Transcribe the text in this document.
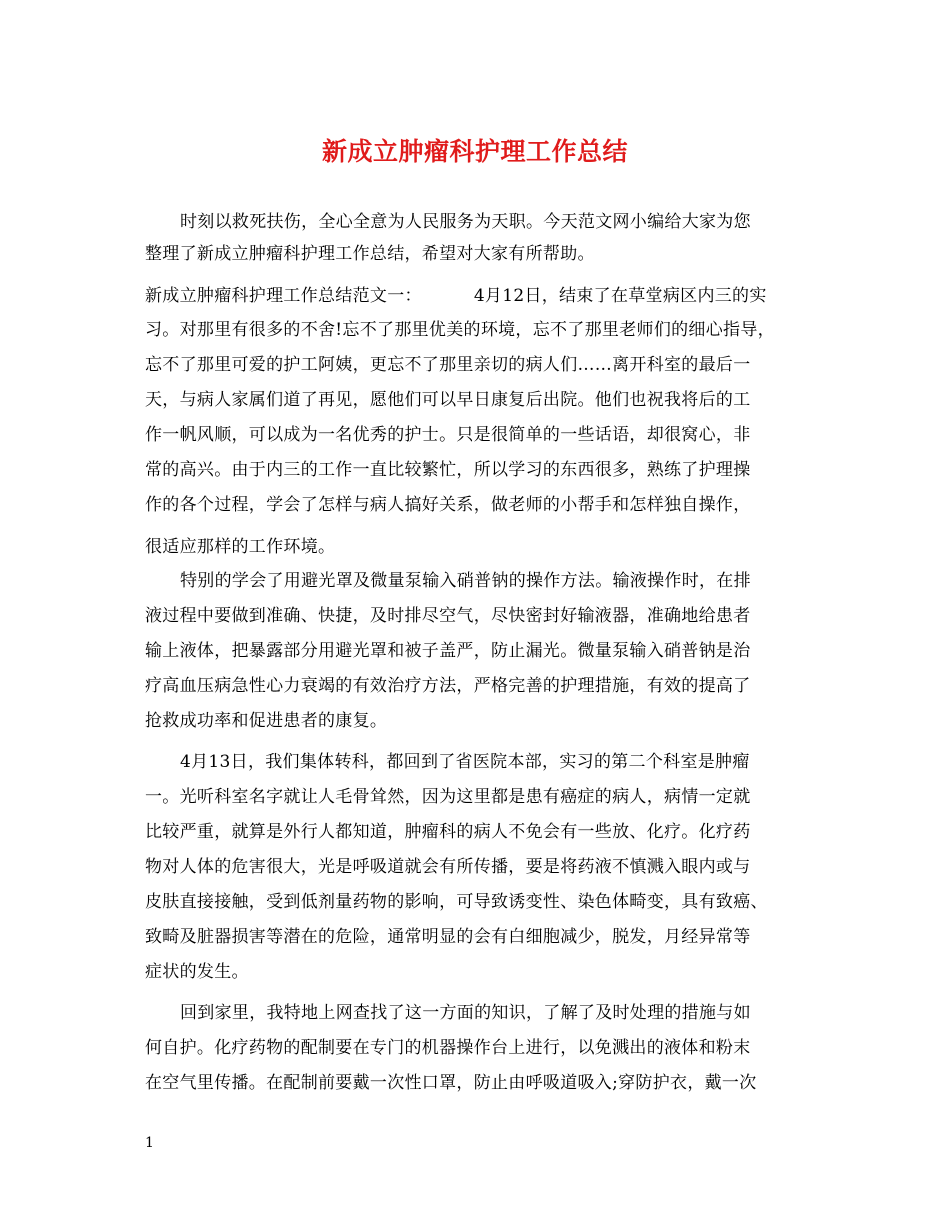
新成立肿瘤科护理工作总结

时刻以救死扶伤，全心全意为人民服务为天职。今天范文网小编给大家为您

整理了新成立肿瘤科护理工作总结，希望对大家有所帮助。

新成立肿瘤科护理工作总结范文一：	4月12日，结束了在草堂病区内三的实

习。对那里有很多的不舍!忘不了那里优美的环境，忘不了那里老师们的细心指导，

忘不了那里可爱的护工阿姨，更忘不了那里亲切的病人们……离开科室的最后一

天，与病人家属们道了再见，愿他们可以早日康复后出院。他们也祝我将后的工

作一帆风顺，可以成为一名优秀的护士。只是很简单的一些话语，却很窝心，非

常的高兴。由于内三的工作一直比较繁忙，所以学习的东西很多，熟练了护理操

作的各个过程，学会了怎样与病人搞好关系，做老师的小帮手和怎样独自操作，

很适应那样的工作环境。

特别的学会了用避光罩及微量泵输入硝普钠的操作方法。输液操作时，在排

液过程中要做到准确、快捷，及时排尽空气，尽快密封好输液器，准确地给患者

输上液体，把暴露部分用避光罩和被子盖严，防止漏光。微量泵输入硝普钠是治

疗高血压病急性心力衰竭的有效治疗方法，严格完善的护理措施，有效的提高了

抢救成功率和促进患者的康复。

4月13日，我们集体转科，都回到了省医院本部，实习的第二个科室是肿瘤

一。光听科室名字就让人毛骨耸然，因为这里都是患有癌症的病人，病情一定就

比较严重，就算是外行人都知道，肿瘤科的病人不免会有一些放、化疗。化疗药

物对人体的危害很大，光是呼吸道就会有所传播，要是将药液不慎溅入眼内或与

皮肤直接接触，受到低剂量药物的影响，可导致诱变性、染色体畸变，具有致癌、

致畸及脏器损害等潜在的危险，通常明显的会有白细胞减少，脱发，月经异常等

症状的发生。

回到家里，我特地上网查找了这一方面的知识，了解了及时处理的措施与如

何自护。化疗药物的配制要在专门的机器操作台上进行，以免溅出的液体和粉末

在空气里传播。在配制前要戴一次性口罩，防止由呼吸道吸入;穿防护衣，戴一次

1
